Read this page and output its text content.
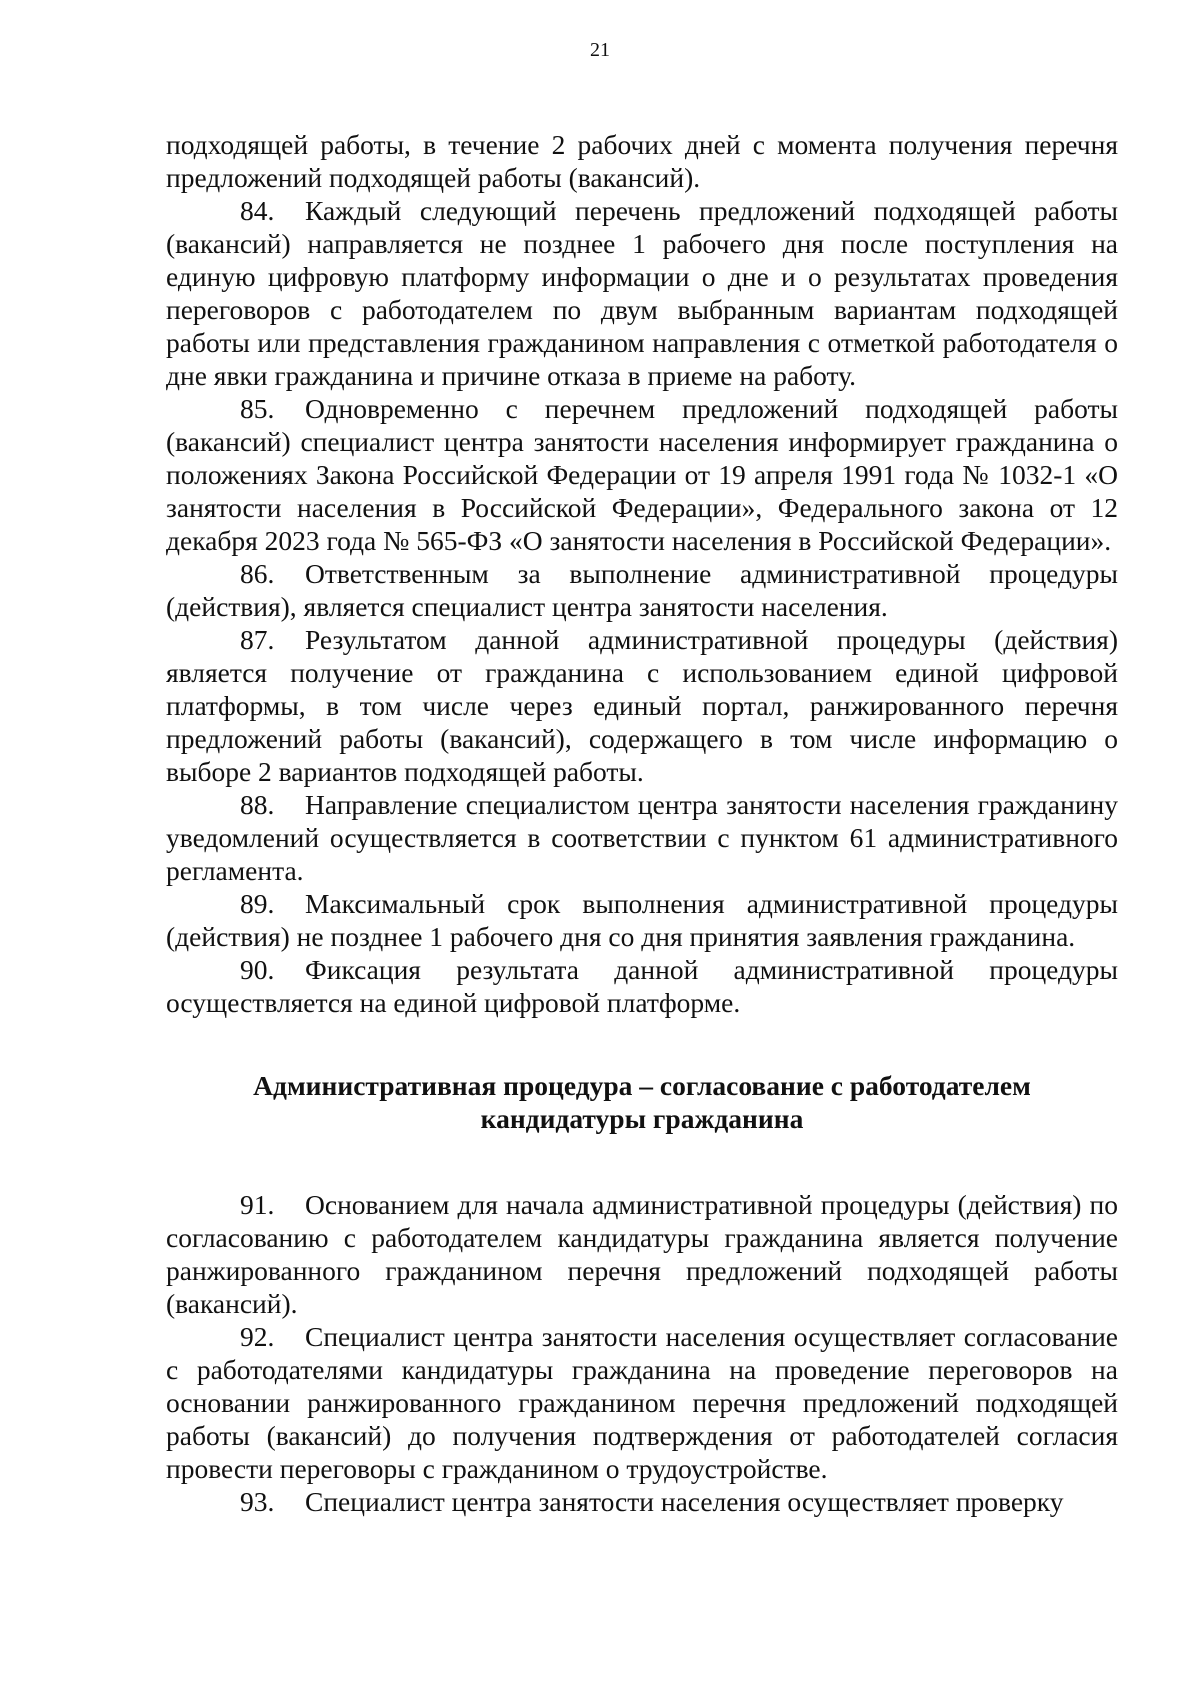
21

подходящей работы, в течение 2 рабочих дней с момента получения перечня предложений подходящей работы (вакансий).

84. Каждый следующий перечень предложений подходящей работы (вакансий) направляется не позднее 1 рабочего дня после поступления на единую цифровую платформу информации о дне и о результатах проведения переговоров с работодателем по двум выбранным вариантам подходящей работы или представления гражданином направления с отметкой работодателя о дне явки гражданина и причине отказа в приеме на работу.

85. Одновременно с перечнем предложений подходящей работы (вакансий) специалист центра занятости населения информирует гражданина о положениях Закона Российской Федерации от 19 апреля 1991 года № 1032-1 «О занятости населения в Российской Федерации», Федерального закона от 12 декабря 2023 года № 565-ФЗ «О занятости населения в Российской Федерации».

86. Ответственным за выполнение административной процедуры (действия), является специалист центра занятости населения.

87. Результатом данной административной процедуры (действия) является получение от гражданина с использованием единой цифровой платформы, в том числе через единый портал, ранжированного перечня предложений работы (вакансий), содержащего в том числе информацию о выборе 2 вариантов подходящей работы.

88. Направление специалистом центра занятости населения гражданину уведомлений осуществляется в соответствии с пунктом 61 административного регламента.

89. Максимальный срок выполнения административной процедуры (действия) не позднее 1 рабочего дня со дня принятия заявления гражданина.

90. Фиксация результата данной административной процедуры осуществляется на единой цифровой платформе.

Административная процедура – согласование с работодателем
кандидатуры гражданина

91. Основанием для начала административной процедуры (действия) по согласованию с работодателем кандидатуры гражданина является получение ранжированного гражданином перечня предложений подходящей работы (вакансий).

92. Специалист центра занятости населения осуществляет согласование с работодателями кандидатуры гражданина на проведение переговоров на основании ранжированного гражданином перечня предложений подходящей работы (вакансий) до получения подтверждения от работодателей согласия провести переговоры с гражданином о трудоустройстве.

93. Специалист центра занятости населения осуществляет проверку
